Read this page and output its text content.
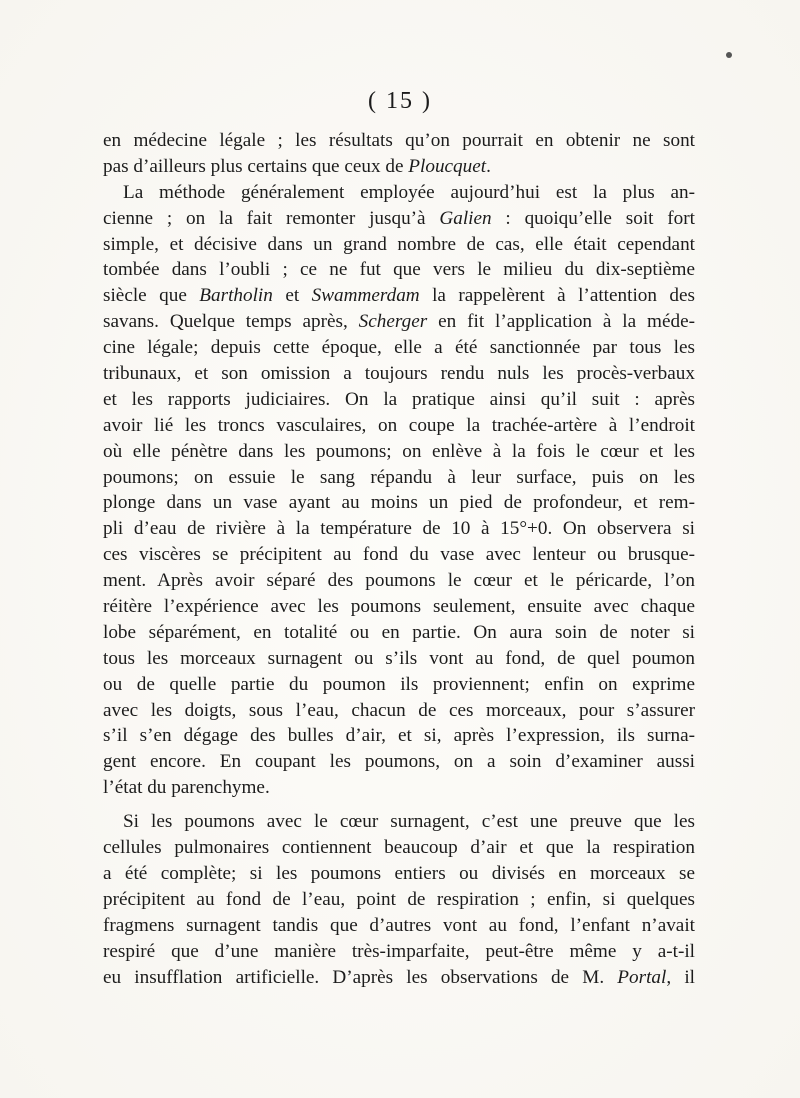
( 15 )
en médecine légale ; les résultats qu’on pourrait en obtenir ne sont
pas d’ailleurs plus certains que ceux de Ploucquet.
La méthode généralement employée aujourd’hui est la plus an-
cienne ; on la fait remonter jusqu’à Galien : quoiqu’elle soit fort
simple, et décisive dans un grand nombre de cas, elle était cependant
tombée dans l’oubli ; ce ne fut que vers le milieu du dix-septième
siècle que Bartholin et Swammerdam la rappelèrent à l’attention des
savans. Quelque temps après, Scherger en fit l’application à la méde-
cine légale; depuis cette époque, elle a été sanctionnée par tous les
tribunaux, et son omission a toujours rendu nuls les procès-verbaux
et les rapports judiciaires. On la pratique ainsi qu’il suit : après
avoir lié les troncs vasculaires, on coupe la trachée-artère à l’endroit
où elle pénètre dans les poumons; on enlève à la fois le cœur et les
poumons; on essuie le sang répandu à leur surface, puis on les
plonge dans un vase ayant au moins un pied de profondeur, et rem-
pli d’eau de rivière à la température de 10 à 15°+0. On observera si
ces viscères se précipitent au fond du vase avec lenteur ou brusque-
ment. Après avoir séparé des poumons le cœur et le péricarde, l’on
réitère l’expérience avec les poumons seulement, ensuite avec chaque
lobe séparément, en totalité ou en partie. On aura soin de noter si
tous les morceaux surnagent ou s’ils vont au fond, de quel poumon
ou de quelle partie du poumon ils proviennent; enfin on exprime
avec les doigts, sous l’eau, chacun de ces morceaux, pour s’assurer
s’il s’en dégage des bulles d’air, et si, après l’expression, ils surna-
gent encore. En coupant les poumons, on a soin d’examiner aussi
l’état du parenchyme.
Si les poumons avec le cœur surnagent, c’est une preuve que les
cellules pulmonaires contiennent beaucoup d’air et que la respiration
a été complète; si les poumons entiers ou divisés en morceaux se
précipitent au fond de l’eau, point de respiration ; enfin, si quelques
fragmens surnagent tandis que d’autres vont au fond, l’enfant n’avait
respiré que d’une manière très-imparfaite, peut-être même y a-t-il
eu insufflation artificielle. D’après les observations de M. Portal, il
